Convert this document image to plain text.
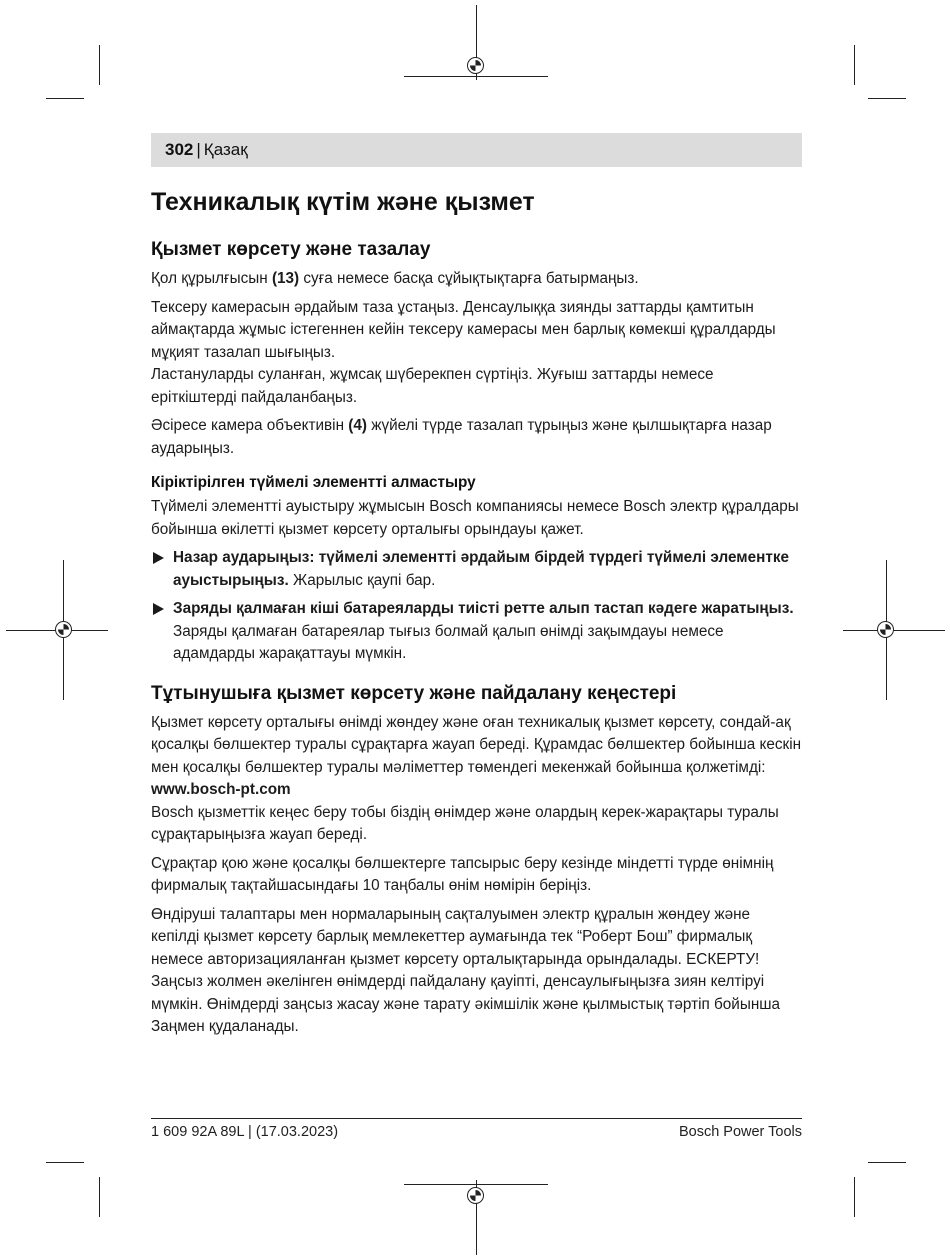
302 | Қазақ
Техникалық күтім және қызмет
Қызмет көрсету және тазалау

Қол құрылғысын (13) суға немесе басқа сұйықтықтарға батырмаңыз.

Тексеру камерасын әрдайым таза ұстаңыз. Денсаулыққа зиянды заттарды қамтитын аймақтарда жұмыс істегеннен кейін тексеру камерасы мен барлық көмекші құралдарды мұқият тазалап шығыңыз.

Ластануларды суланған, жұмсақ шүберекпен сүртіңіз. Жуғыш заттарды немесе еріткіштерді пайдаланбаңыз.

Әсіресе камера объективін (4) жүйелі түрде тазалап тұрыңыз және қылшықтарға назар аударыңыз.

Кіріктірілген түймелі элементті алмастыру

Түймелі элементті ауыстыру жұмысын Bosch компаниясы немесе Bosch электр құралдары бойынша өкілетті қызмет көрсету орталығы орындауы қажет.

Назар аударыңыз: түймелі элементті әрдайым бірдей түрдегі түймелі элементке ауыстырыңыз. Жарылыс қаупі бар.
Заряды қалмаған кіші батареяларды тиісті ретте алып тастап кәдеге жаратыңыз. Заряды қалмаған батареялар тығыз болмай қалып өнімді зақымдауы немесе адамдарды жарақаттауы мүмкін.
Тұтынушыға қызмет көрсету және пайдалану кеңестері

Қызмет көрсету орталығы өнімді жөндеу және оған техникалық қызмет көрсету, сондай-ақ қосалқы бөлшектер туралы сұрақтарға жауап береді. Құрамдас бөлшектер бойынша кескін мен қосалқы бөлшектер туралы мәліметтер төмендегі мекенжай бойынша қолжетімді:

www.bosch-pt.com

Bosch қызметтік кеңес беру тобы біздің өнімдер және олардың керек-жарақтары туралы сұрақтарыңызға жауап береді.

Сұрақтар қою және қосалқы бөлшектерге тапсырыс беру кезінде міндетті түрде өнімнің фирмалық тақтайшасындағы 10 таңбалы өнім нөмірін беріңіз.

Өндіруші талаптары мен нормаларының сақталуымен электр құралын жөндеу және кепілді қызмет көрсету барлық мемлекеттер аумағында тек “Роберт Бош” фирмалық немесе авторизацияланған қызмет көрсету орталықтарында орындалады. ЕСКЕРТУ! Заңсыз жолмен әкелінген өнімдерді пайдалану қауіпті, денсаулығыңызға зиян келтіруі мүмкін. Өнімдерді заңсыз жасау және тарату әкімшілік және қылмыстық тәртіп бойынша Заңмен қудаланады.

1 609 92A 89L | (17.03.2023)	Bosch Power Tools
